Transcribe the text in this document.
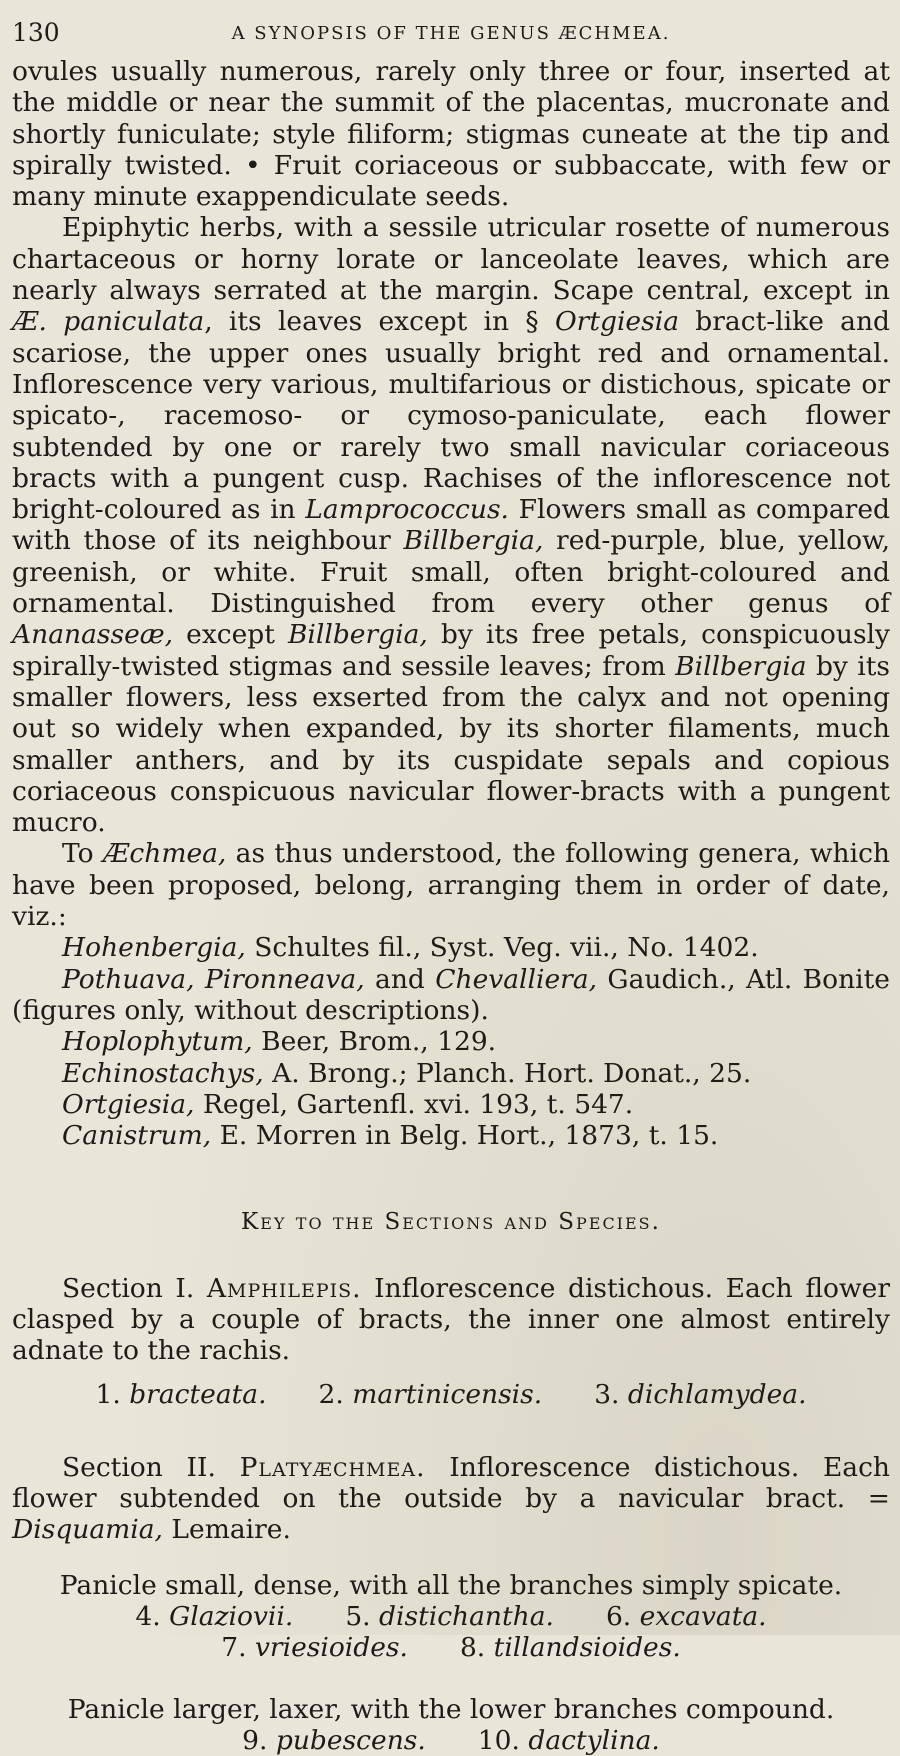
130	A SYNOPSIS OF THE GENUS ÆCHMEA.

ovules usually numerous, rarely only three or four, inserted at the middle or near the summit of the placentas, mucronate and shortly funiculate; style filiform; stigmas cuneate at the tip and spirally twisted. • Fruit coriaceous or subbaccate, with few or many minute exappendiculate seeds.

Epiphytic herbs, with a sessile utricular rosette of numerous chartaceous or horny lorate or lanceolate leaves, which are nearly always serrated at the margin. Scape central, except in Æ. paniculata, its leaves except in § Ortgiesia bract-like and scariose, the upper ones usually bright red and ornamental. Inflorescence very various, multifarious or distichous, spicate or spicato-, racemoso- or cymoso-paniculate, each flower subtended by one or rarely two small navicular coriaceous bracts with a pungent cusp. Rachises of the inflorescence not bright-coloured as in Lamprococcus. Flowers small as compared with those of its neighbour Billbergia, red-purple, blue, yellow, greenish, or white. Fruit small, often bright-coloured and ornamental. Distinguished from every other genus of Ananasseæ, except Billbergia, by its free petals, conspicuously spirally-twisted stigmas and sessile leaves; from Billbergia by its smaller flowers, less exserted from the calyx and not opening out so widely when expanded, by its shorter filaments, much smaller anthers, and by its cuspidate sepals and copious coriaceous conspicuous navicular flower-bracts with a pungent mucro.

To Æchmea, as thus understood, the following genera, which have been proposed, belong, arranging them in order of date, viz.:

Hohenbergia, Schultes fil., Syst. Veg. vii., No. 1402.

Pothuava, Pironneava, and Chevalliera, Gaudich., Atl. Bonite (figures only, without descriptions).

Hoplophytum, Beer, Brom., 129.

Echinostachys, A. Brong.; Planch. Hort. Donat., 25.

Ortgiesia, Regel, Gartenfl. xvi. 193, t. 547.

Canistrum, E. Morren in Belg. Hort., 1873, t. 15.

Key to the Sections and Species.

Section I. Amphilepis. Inflorescence distichous. Each flower clasped by a couple of bracts, the inner one almost entirely adnate to the rachis.

1. bracteata. 2. martinicensis. 3. dichlamydea.

Section II. Platyæchmea. Inflorescence distichous. Each flower subtended on the outside by a navicular bract. = Disquamia, Lemaire.

Panicle small, dense, with all the branches simply spicate.

4. Glaziovii. 5. distichantha. 6. excavata.
7. vriesioides. 8. tillandsioides.

Panicle larger, laxer, with the lower branches compound.

9. pubescens. 10. dactylina.
